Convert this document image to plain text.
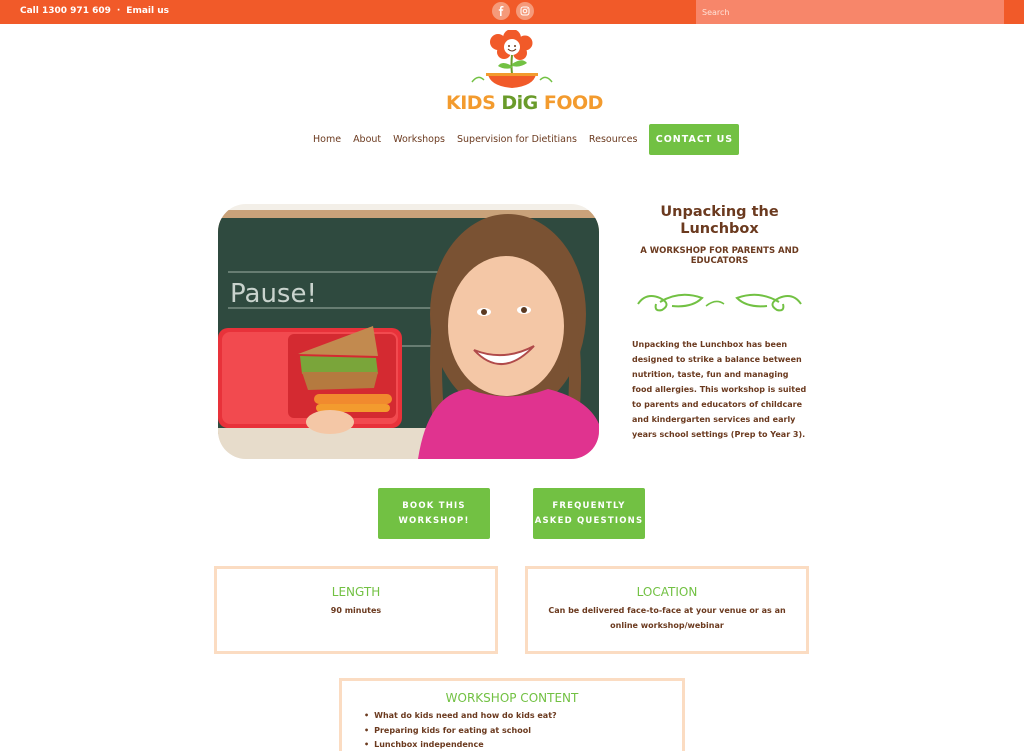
Call 1300 971 609 · Email us
Search
KIDS DiG FOOD
Home About Workshops Supervision for Dietitians Resources	CONTACT US
Pause!
Unpacking the Lunchbox
A WORKSHOP FOR PARENTS AND EDUCATORS
Unpacking the Lunchbox has been designed to strike a balance between nutrition, taste, fun and managing food allergies. This workshop is suited to parents and educators of childcare and kindergarten services and early years school settings (Prep to Year 3).
BOOK THIS WORKSHOP!
FREQUENTLY ASKED QUESTIONS
LENGTH
90 minutes
LOCATION
Can be delivered face-to-face at your venue or as an online workshop/webinar
WORKSHOP CONTENT
• What do kids need and how do kids eat?
• Preparing kids for eating at school
• Lunchbox independence
